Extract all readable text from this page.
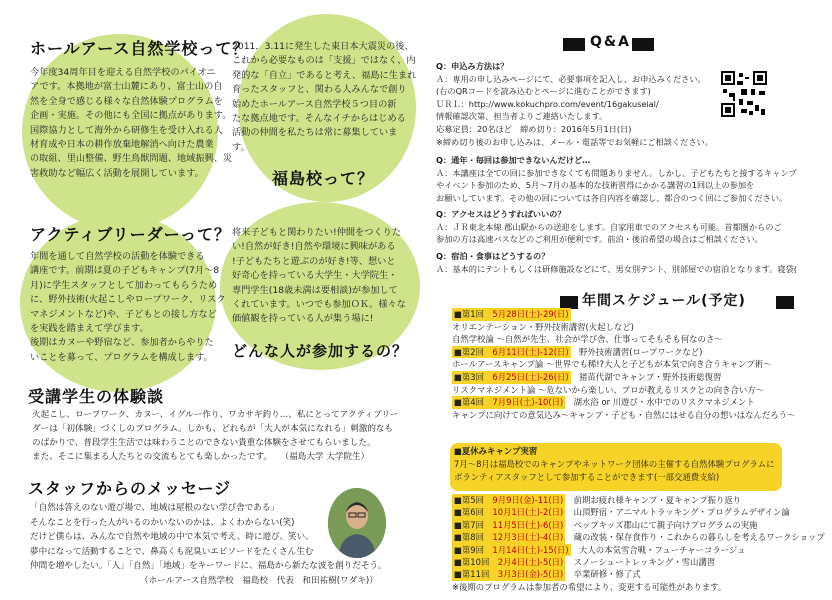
ホールアース自然学校って？

今年度34周年目を迎える自然学校のパイオニ

アです。本拠地が富士山麓にあり、富士山の自

然を全身で感じる様々な自然体験プログラムを

企画・実施。その他にも全国に拠点があります。

国際協力として海外から研修生を受け入れる人

材育成や日本の耕作放棄地解消へ向けた農業

の取組、里山整備、野生鳥獣問題、地域振興、災

害救助など幅広く活動を展開しています。

2011．3.11に発生した東日本大震災の後、

これから必要なものは「支援」ではなく、内

発的な「自立」であると考え、福島に生まれ

育ったスタッフと、関わる人みんなで創り

始めたホールアース自然学校５つ目の新

たな拠点地です。そんなイチからはじめる

活動の仲間を私たちは常に募集していま

す。

福島校って？
アクティブリーダーって？

年間を通して自然学校の活動を体験できる

講座です。前期は夏の子どもキャンプ(7月〜8

月)に学生スタッフとして加わってもらうため

に、野外技術(火起こしやロープワーク、リスク

マネジメントなど)や、子どもとの接し方など

を実践を踏まえて学びます。

後期はカヌーや野宿など、参加者からやりた

いことを募って、プログラムを構成します。

将来子どもと関わりたい!仲間をつくりた

い!自然が好き!自然や環境に興味がある

!子どもたちと遊ぶのが好き!等、想いと

好奇心を持っている大学生・大学院生・

専門学生(18歳未満は要相談)が参加して

くれています。いつでも参加ＯＫ。様々な

価値観を持っている人が集う場に!

どんな人が参加するの？
受講学生の体験談

火起こし、ロープワーク、カヌー、イグルー作り、ワカサギ釣り…、私にとってアクティブリー

ダーは「初体験」づくしのプログラム。しかも、どれもが「大人が本気になれる」刺激的なも

のばかりで、普段学生生活では味わうことのできない貴重な体験をさせてもらいました。

また、そこに集まる人たちとの交流もとても楽しかったです。　　（福島大学 大学院生）

スタッフからのメッセージ

「自然は答えのない遊び場で、地域は屋根のない学び舎である」

そんなことを行った人がいるのかいないのかは、よくわからない(笑)

だけど僕らは、みんなで自然や地域の中で本気で考え、時に遊び、笑い、

夢中になって活動することで、鼻高くも泥臭いエピソードをたくさん生む

仲間を増やしたい。「人」「自然」「地域」をキーワードに、福島から新たな波を創りだそう。

（ホールアース自然学校　福島校　代表　和田祐樹(ワダキ)）

Q&A
Q：申込み方法は？
Ａ：専用の申し込みページにて、必要事項を記入し、お申込みください。
(右のQRコードを読み込むとページに進むことができます)
ＵＲＬ：http://www.kokuchpro.com/event/16gakuseial/
情報確認次第、担当者よりご連絡いたします。
応募定員：20名ほど　締め切り：2016年5月1日(日)
※締め切り後のお申し込みは、メール・電話等でお気軽にご相談ください。
Q：通年・毎回は参加できないんだけど…
Ａ：本講座は全ての回に参加できなくても問題ありません。しかし、子どもたちと接するキャンプ
やイベント参加のため、5月〜7月の基本的な技術習得にかかる講習の1回以上の参加を
お願いしています。その他の回については各自内容を確認し、都合のつく回にご参加ください。
Q：アクセスはどうすればいいの？
Ａ：ＪＲ東北本線 郡山駅からの送迎をします。自家用車でのアクセスも可能。首都圏からのご
参加の方は高速バスなどのご利用が便利です。前泊・後泊希望の場合はご相談ください。
Q：宿泊・食事はどうするの？
Ａ：基本的にテントもしくは研修施設などにて、男女別テント、別部屋での宿泊となります。寝袋(
年間スケジュール(予定)
■第1回　 5月28日(土)-29(日)
オリエンテーション・野外技術講習(火起しなど)
自然学校論 〜自然が先生、社会が学び舎、仕事ってそもそも何なのさ〜
■第2回　 6月11日(土)-12(日)　野外技術講習(ロープワークなど)
ホールアースキャンプ論 〜世界でも稀!?大人と子どもが本気で向き合うキャンプ術〜
■第3回　 6月25日(土)-26(日)　猪苗代湖でキャンプ・野外技術総復習
リスクマネジメント論 〜危ないから楽しい、プロが教えるリスクとの向き合い方〜
■第4回　 7月9日(土)-10(日)　湖水浴 or 川遊び・水中でのリスクマネジメント
キャンプに向けての意気込み〜キャンプ・子ども・自然にはせる自分の想いはなんだろう〜
■夏休みキャンプ実習
7月〜8月は福島校でのキャンプやネットワーク団体の主催する自然体験プログラムに
ボランティアスタッフとして参加することができます(一部交通費支給)
■第5回　 9月9日(金)-11(日)　前期お疲れ様キャンプ・夏キャンプ振り返り
■第6回　 10月1日(土)-2(日)　山頂野宿・アニマルトラッキング・プログラムデザイン論
■第7回　 11月5日(土)-6(日)　ペップキッズ郡山にて親子向けプログラムの実施
■第8回　 12月3日(土)-4(日)　蔵の改装・保存食作り・これからの暮らしを考えるワークショップ
■第9回　 1月14日(土)-15(日)　大人の本気雪合戦・フューチャーコラージュ
■第10回　 2月4日(土)-5(日)　スノーシュートレッキング・雪山講習
■第11回　 3月3日(金)-5(日)　卒業研修・修了式
※後期のプログラムは参加者の希望により、変更する可能性があります。
